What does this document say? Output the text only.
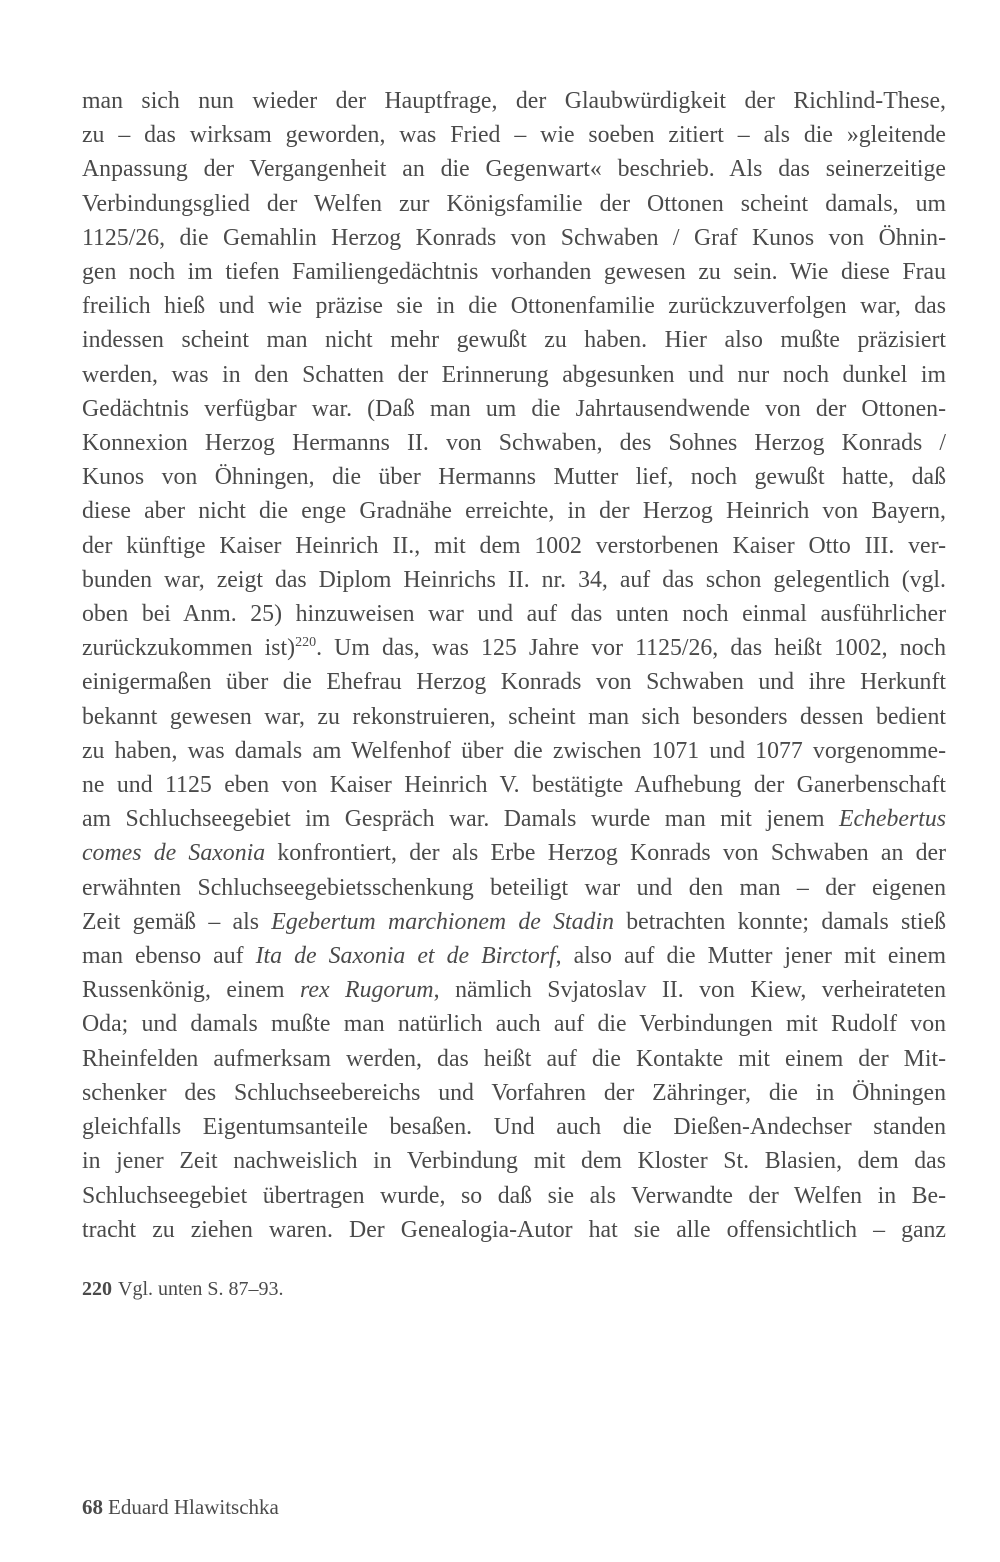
man sich nun wieder der Hauptfrage, der Glaubwürdigkeit der Richlind-These,
zu – das wirksam geworden, was Fried – wie soeben zitiert – als die »gleitende
Anpassung der Vergangenheit an die Gegenwart« beschrieb. Als das seinerzeitige
Verbindungsglied der Welfen zur Königsfamilie der Ottonen scheint damals, um
1125/26, die Gemahlin Herzog Konrads von Schwaben / Graf Kunos von Öhnin-
gen noch im tiefen Familiengedächtnis vorhanden gewesen zu sein. Wie diese Frau
freilich hieß und wie präzise sie in die Ottonenfamilie zurückzuverfolgen war, das
indessen scheint man nicht mehr gewußt zu haben. Hier also mußte präzisiert
werden, was in den Schatten der Erinnerung abgesunken und nur noch dunkel im
Gedächtnis verfügbar war. (Daß man um die Jahrtausendwende von der Ottonen-
Konnexion Herzog Hermanns II. von Schwaben, des Sohnes Herzog Konrads /
Kunos von Öhningen, die über Hermanns Mutter lief, noch gewußt hatte, daß
diese aber nicht die enge Gradnähe erreichte, in der Herzog Heinrich von Bayern,
der künftige Kaiser Heinrich II., mit dem 1002 verstorbenen Kaiser Otto III. ver-
bunden war, zeigt das Diplom Heinrichs II. nr. 34, auf das schon gelegentlich (vgl.
oben bei Anm. 25) hinzuweisen war und auf das unten noch einmal ausführlicher
zurückzukommen ist)$^{220}$. Um das, was 125 Jahre vor 1125/26, das heißt 1002, noch
einigermaßen über die Ehefrau Herzog Konrads von Schwaben und ihre Herkunft
bekannt gewesen war, zu rekonstruieren, scheint man sich besonders dessen bedient
zu haben, was damals am Welfenhof über die zwischen 1071 und 1077 vorgenomme-
ne und 1125 eben von Kaiser Heinrich V. bestätigte Aufhebung der Ganerbenschaft
am Schluchseegebiet im Gespräch war. Damals wurde man mit jenem Echebertus
comes de Saxonia konfrontiert, der als Erbe Herzog Konrads von Schwaben an der
erwähnten Schluchseegebietsschenkung beteiligt war und den man – der eigenen
Zeit gemäß – als Egebertum marchionem de Stadin betrachten konnte; damals stieß
man ebenso auf Ita de Saxonia et de Birctorf, also auf die Mutter jener mit einem
Russenkönig, einem rex Rugorum, nämlich Svjatoslav II. von Kiew, verheirateten
Oda; und damals mußte man natürlich auch auf die Verbindungen mit Rudolf von
Rheinfelden aufmerksam werden, das heißt auf die Kontakte mit einem der Mit-
schenker des Schluchseebereichs und Vorfahren der Zähringer, die in Öhningen
gleichfalls Eigentumsanteile besaßen. Und auch die Dießen-Andechser standen
in jener Zeit nachweislich in Verbindung mit dem Kloster St. Blasien, dem das
Schluchseegebiet übertragen wurde, so daß sie als Verwandte der Welfen in Be-
tracht zu ziehen waren. Der Genealogia-Autor hat sie alle offensichtlich – ganz
220 Vgl. unten S. 87–93.
68 Eduard Hlawitschka
